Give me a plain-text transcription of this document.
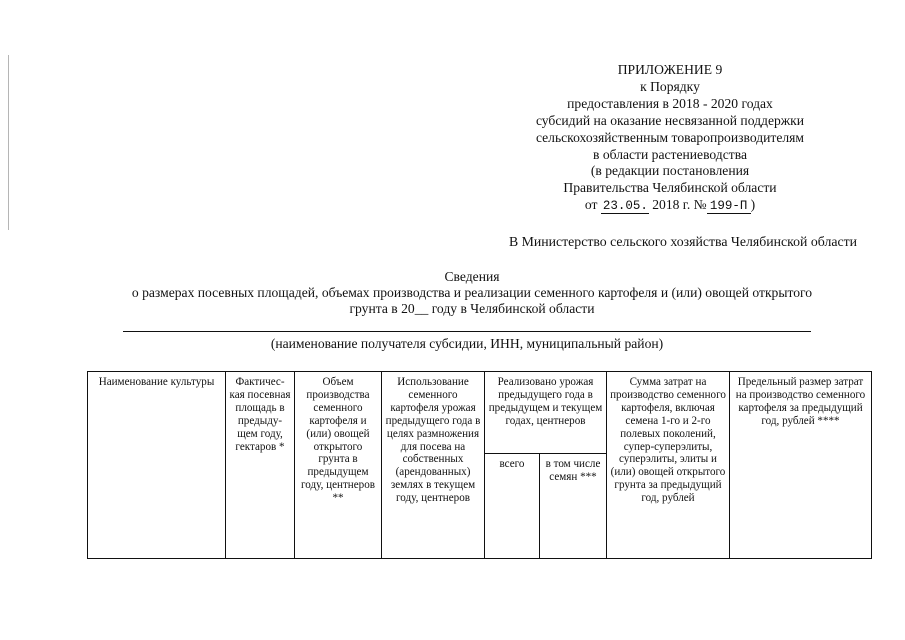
ПРИЛОЖЕНИЕ 9
к Порядку
предоставления в 2018 - 2020 годах
субсидий на оказание несвязанной поддержки
сельскохозяйственным товаропроизводителям
в области растениеводства
(в редакции постановления
Правительства Челябинской области
от 23.05. 2018 г. № 199-П )
В Министерство сельского хозяйства Челябинской области
Сведения
о размерах посевных площадей, объемах производства и реализации семенного картофеля и (или) овощей открытого
грунта в 20__ году в Челябинской области
(наименование получателя субсидии, ИНН, муниципальный район)
Наименование культуры	Фактичес-кая посевная площадь в предыду-щем году, гектаров *	Объем производства семенного картофеля и (или) овощей открытого грунта в предыдущем году, центнеров **	Использование семенного картофеля урожая предыдущего года в целях размножения для посева на собственных (арендованных) землях в текущем году, центнеров	Реализовано урожая предыдущего года в предыдущем и текущем годах, центнеров		Сумма затрат на производство семенного картофеля, включая семена 1-го и 2-го полевых поколений, супер-суперэлиты, суперэлиты, элиты и (или) овощей открытого грунта за предыдущий год, рублей	Предельный размер затрат на производство семенного картофеля за предыдущий год, рублей ****
				всего	в том числе семян ***		
